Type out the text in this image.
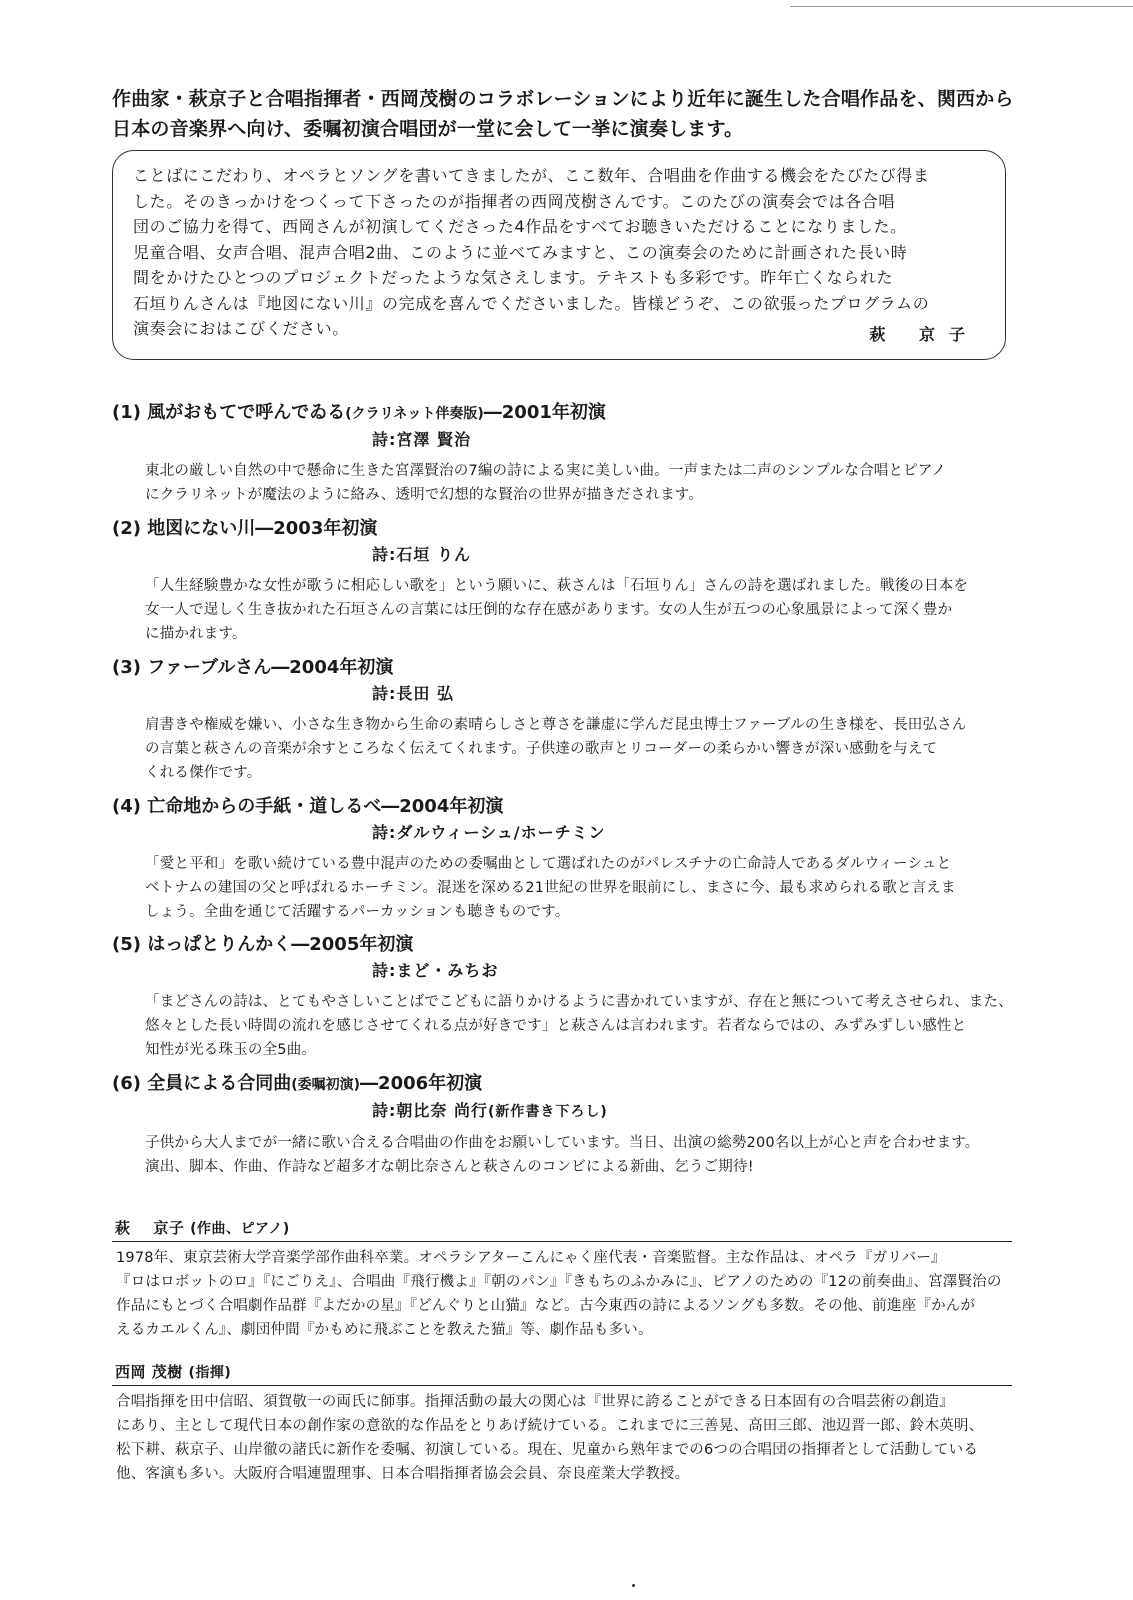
作曲家・萩京子と合唱指揮者・西岡茂樹のコラボレーションにより近年に誕生した合唱作品を、関西から
日本の音楽界へ向け、委嘱初演合唱団が一堂に会して一挙に演奏します。
ことばにこだわり、オペラとソングを書いてきましたが、ここ数年、合唱曲を作曲する機会をたびたび得ま
した。そのきっかけをつくって下さったのが指揮者の西岡茂樹さんです。このたびの演奏会では各合唱
団のご協力を得て、西岡さんが初演してくださった4作品をすべてお聴きいただけることになりました。
児童合唱、女声合唱、混声合唱2曲、このように並べてみますと、この演奏会のために計画された長い時
間をかけたひとつのプロジェクトだったような気さえします。テキストも多彩です。昨年亡くなられた
石垣りんさんは『地図にない川』の完成を喜んでくださいました。皆様どうぞ、この欲張ったプログラムの
演奏会におはこびください。	萩 京子
(1) 風がおもてで呼んでゐる(クラリネット伴奏版)―2001年初演
詩:宮澤 賢治
東北の厳しい自然の中で懸命に生きた宮澤賢治の7編の詩による実に美しい曲。一声または二声のシンプルな合唱とピアノ
にクラリネットが魔法のように絡み、透明で幻想的な賢治の世界が描きだされます。
(2) 地図にない川―2003年初演
詩:石垣 りん
「人生経験豊かな女性が歌うに相応しい歌を」という願いに、萩さんは「石垣りん」さんの詩を選ばれました。戦後の日本を
女一人で逞しく生き抜かれた石垣さんの言葉には圧倒的な存在感があります。女の人生が五つの心象風景によって深く豊か
に描かれます。
(3) ファーブルさん―2004年初演
詩:長田 弘
肩書きや権威を嫌い、小さな生き物から生命の素晴らしさと尊さを謙虚に学んだ昆虫博士ファーブルの生き様を、長田弘さん
の言葉と萩さんの音楽が余すところなく伝えてくれます。子供達の歌声とリコーダーの柔らかい響きが深い感動を与えて
くれる傑作です。
(4) 亡命地からの手紙・道しるべ―2004年初演
詩:ダルウィーシュ/ホーチミン
「愛と平和」を歌い続けている豊中混声のための委嘱曲として選ばれたのがパレスチナの亡命詩人であるダルウィーシュと
ベトナムの建国の父と呼ばれるホーチミン。混迷を深める21世紀の世界を眼前にし、まさに今、最も求められる歌と言えま
しょう。全曲を通じて活躍するパーカッションも聴きものです。
(5) はっぱとりんかく―2005年初演
詩:まど・みちお
「まどさんの詩は、とてもやさしいことばでこどもに語りかけるように書かれていますが、存在と無について考えさせられ、また、
悠々とした長い時間の流れを感じさせてくれる点が好きです」と萩さんは言われます。若者ならではの、みずみずしい感性と
知性が光る珠玉の全5曲。
(6) 全員による合同曲(委嘱初演)―2006年初演
詩:朝比奈 尚行(新作書き下ろし)
子供から大人までが一緒に歌い合える合唱曲の作曲をお願いしています。当日、出演の総勢200名以上が心と声を合わせます。
演出、脚本、作曲、作詩など超多才な朝比奈さんと萩さんのコンビによる新曲、乞うご期待!
萩    京子 (作曲、ピアノ)
1978年、東京芸術大学音楽学部作曲科卒業。オペラシアターこんにゃく座代表・音楽監督。主な作品は、オペラ『ガリバー』
『ロはロボットのロ』『にごりえ』、合唱曲『飛行機よ』『朝のパン』『きもちのふかみに』、ピアノのための『12の前奏曲』、宮澤賢治の
作品にもとづく合唱劇作品群『よだかの星』『どんぐりと山猫』など。古今東西の詩によるソングも多数。その他、前進座『かんが
えるカエルくん』、劇団仲間『かもめに飛ぶことを教えた猫』等、劇作品も多い。
西岡 茂樹 (指揮)
合唱指揮を田中信昭、須賀敬一の両氏に師事。指揮活動の最大の関心は『世界に誇ることができる日本固有の合唱芸術の創造』
にあり、主として現代日本の創作家の意欲的な作品をとりあげ続けている。これまでに三善晃、高田三郎、池辺晋一郎、鈴木英明、
松下耕、萩京子、山岸徹の諸氏に新作を委嘱、初演している。現在、児童から熟年までの6つの合唱団の指揮者として活動している
他、客演も多い。大阪府合唱連盟理事、日本合唱指揮者協会会員、奈良産業大学教授。
